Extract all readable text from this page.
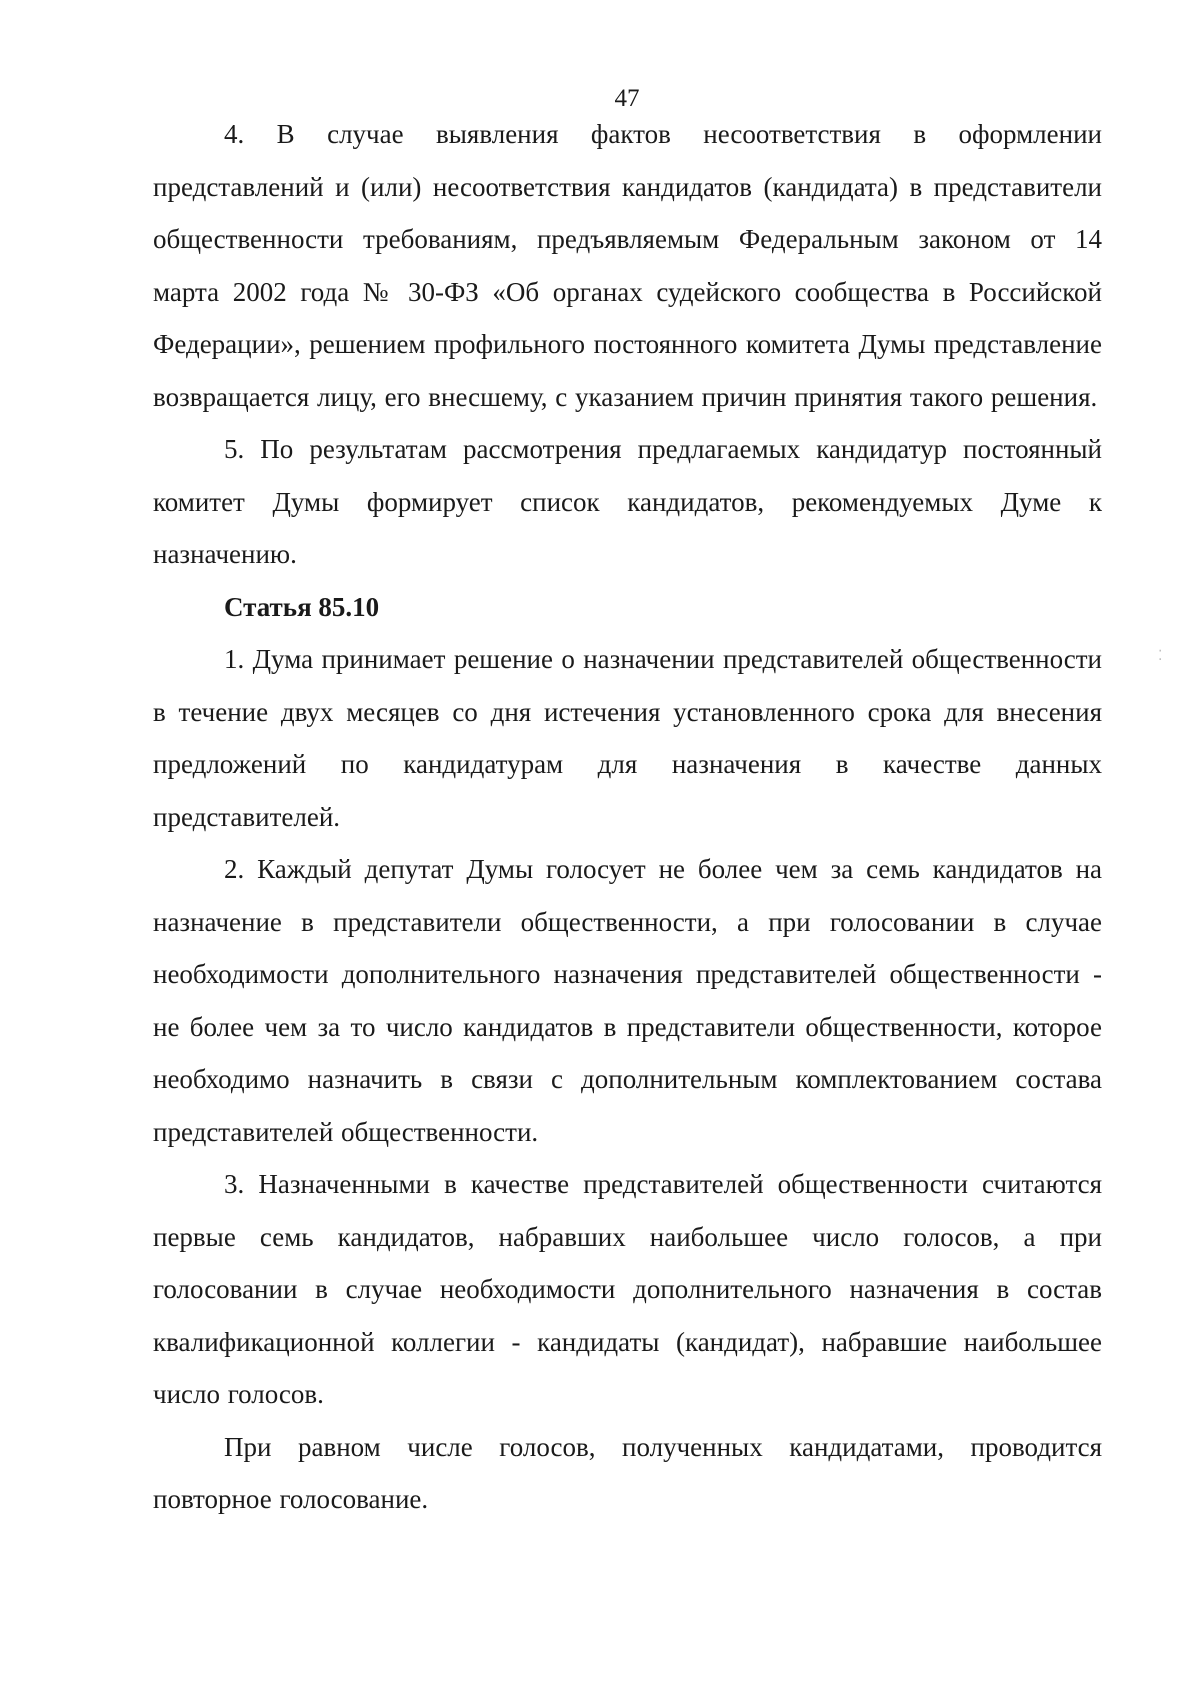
47

4. В случае выявления фактов несоответствия в оформлении представлений и (или) несоответствия кандидатов (кандидата) в представители общественности требованиям, предъявляемым Федеральным законом от 14 марта 2002 года № 30-ФЗ «Об органах судейского сообщества в Российской Федерации», решением профильного постоянного комитета Думы представление возвращается лицу, его внесшему, с указанием причин принятия такого решения.

5. По результатам рассмотрения предлагаемых кандидатур постоянный комитет Думы формирует список кандидатов, рекомендуемых Думе к назначению.

Статья 85.10

1. Дума принимает решение о назначении представителей общественности в течение двух месяцев со дня истечения установленного срока для внесения предложений по кандидатурам для назначения в качестве данных представителей.

2. Каждый депутат Думы голосует не более чем за семь кандидатов на назначение в представители общественности, а при голосовании в случае необходимости дополнительного назначения представителей общественности - не более чем за то число кандидатов в представители общественности, которое необходимо назначить в связи с дополнительным комплектованием состава представителей общественности.

3. Назначенными в качестве представителей общественности считаются первые семь кандидатов, набравших наибольшее число голосов, а при голосовании в случае необходимости дополнительного назначения в состав квалификационной коллегии - кандидаты (кандидат), набравшие наибольшее число голосов.

При равном числе голосов, полученных кандидатами, проводится повторное голосование.

⁚
